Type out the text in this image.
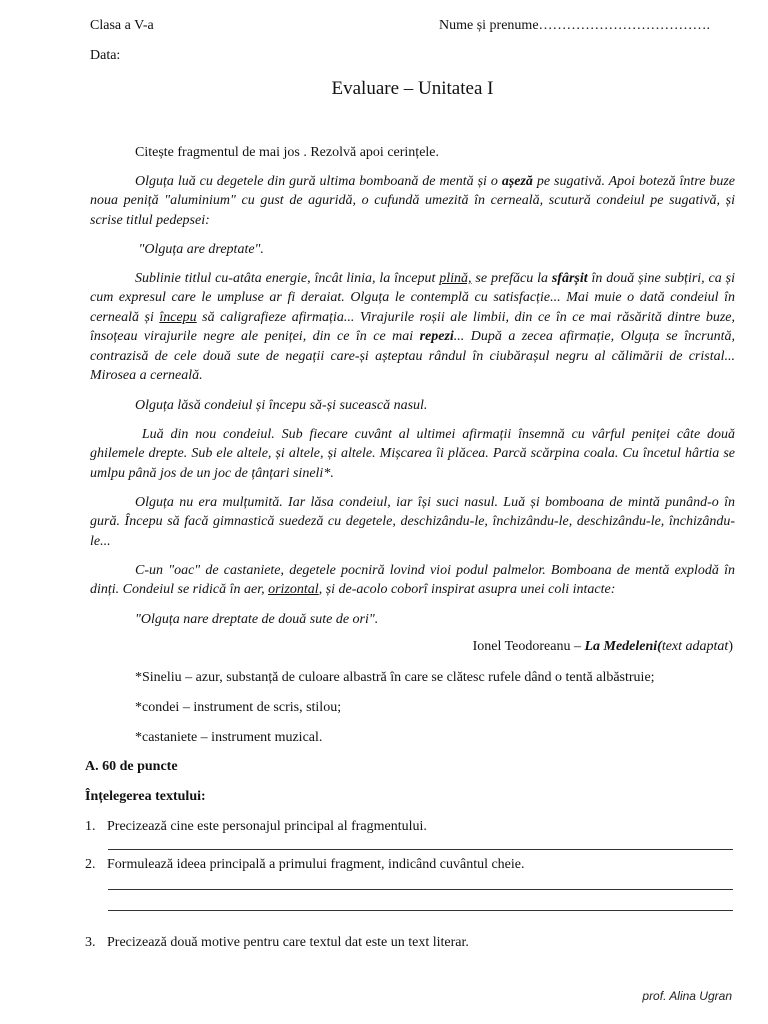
Clasa a V-a	Nume și prenume……………………………….
Data:
Evaluare – Unitatea I
Citește fragmentul de mai jos . Rezolvă apoi cerințele.
Olguța luă cu degetele din gură ultima bomboană de mentă și o așeză pe sugativă. Apoi boteză între buze noua peniță "aluminium" cu gust de aguridă, o cufundă umezită în cerneală, scutură condeiul pe sugativă, și scrise titlul pedepsei:
"Olguța are dreptate".
Sublinie titlul cu-atâta energie, încât linia, la început plină, se prefăcu la sfârșit în două șine subțiri, ca și cum expresul care le umpluse ar fi deraiat. Olguța le contemplă cu satisfacție... Mai muie o dată condeiul în cerneală și începu să caligrafieze afirmația... Virajurile roșii ale limbii, din ce în ce mai răsărită dintre buze, însoțeau virajurile negre ale peniței, din ce în ce mai repezi... După a zecea afirmație, Olguța se încruntă, contrazisă de cele două sute de negații care-și așteptau rândul în ciubărașul negru al călimării de cristal... Mirosea a cerneală.
Olguța lăsă condeiul și începu să-și sucească nasul.
Luă din nou condeiul. Sub fiecare cuvânt al ultimei afirmații însemnă cu vârful peniței câte două ghilemele drepte. Sub ele altele, și altele, și altele. Mișcarea îi plăcea. Parcă scărpina coala. Cu încetul hârtia se umlpu până jos de un joc de țânțari sineli*.
Olguța nu era mulțumită. Iar lăsa condeiul, iar își suci nasul. Luă și bomboana de mintă punând-o în gură. Începu să facă gimnastică suedeză cu degetele, deschizându-le, închizându-le, deschizându-le, închizându-le...
C-un "oac" de castaniete, degetele pocniră lovind vioi podul palmelor. Bomboana de mentă explodă în dinți. Condeiul se ridică în aer, orizontal, și de-acolo coborî inspirat asupra unei coli intacte:
"Olguța nare dreptate de două sute de ori".
Ionel Teodoreanu – La Medeleni(text adaptat)
*Sineliu – azur, substanță de culoare albastră în care se clătesc rufele dând o tentă albăstruie;
*condei – instrument de scris, stilou;
*castaniete – instrument muzical.
A. 60 de puncte
Înțelegerea textului:
1. Precizează cine este personajul principal al fragmentului.
2. Formulează ideea principală a primului fragment, indicând cuvântul cheie.
3. Precizează două motive pentru care textul dat este un text literar.
prof. Alina Ugran
